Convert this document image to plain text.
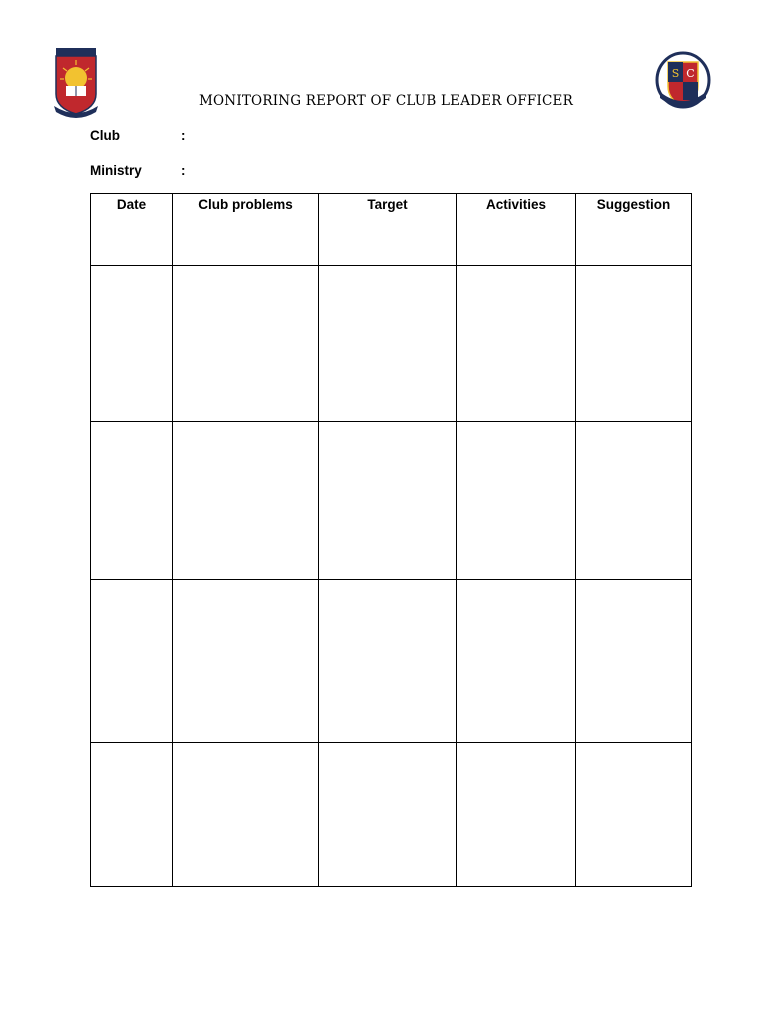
S C
MONITORING REPORT OF CLUB LEADER OFFICER
Club	:
Ministry	:
Date	Club problems	Target	Activities	Suggestion
